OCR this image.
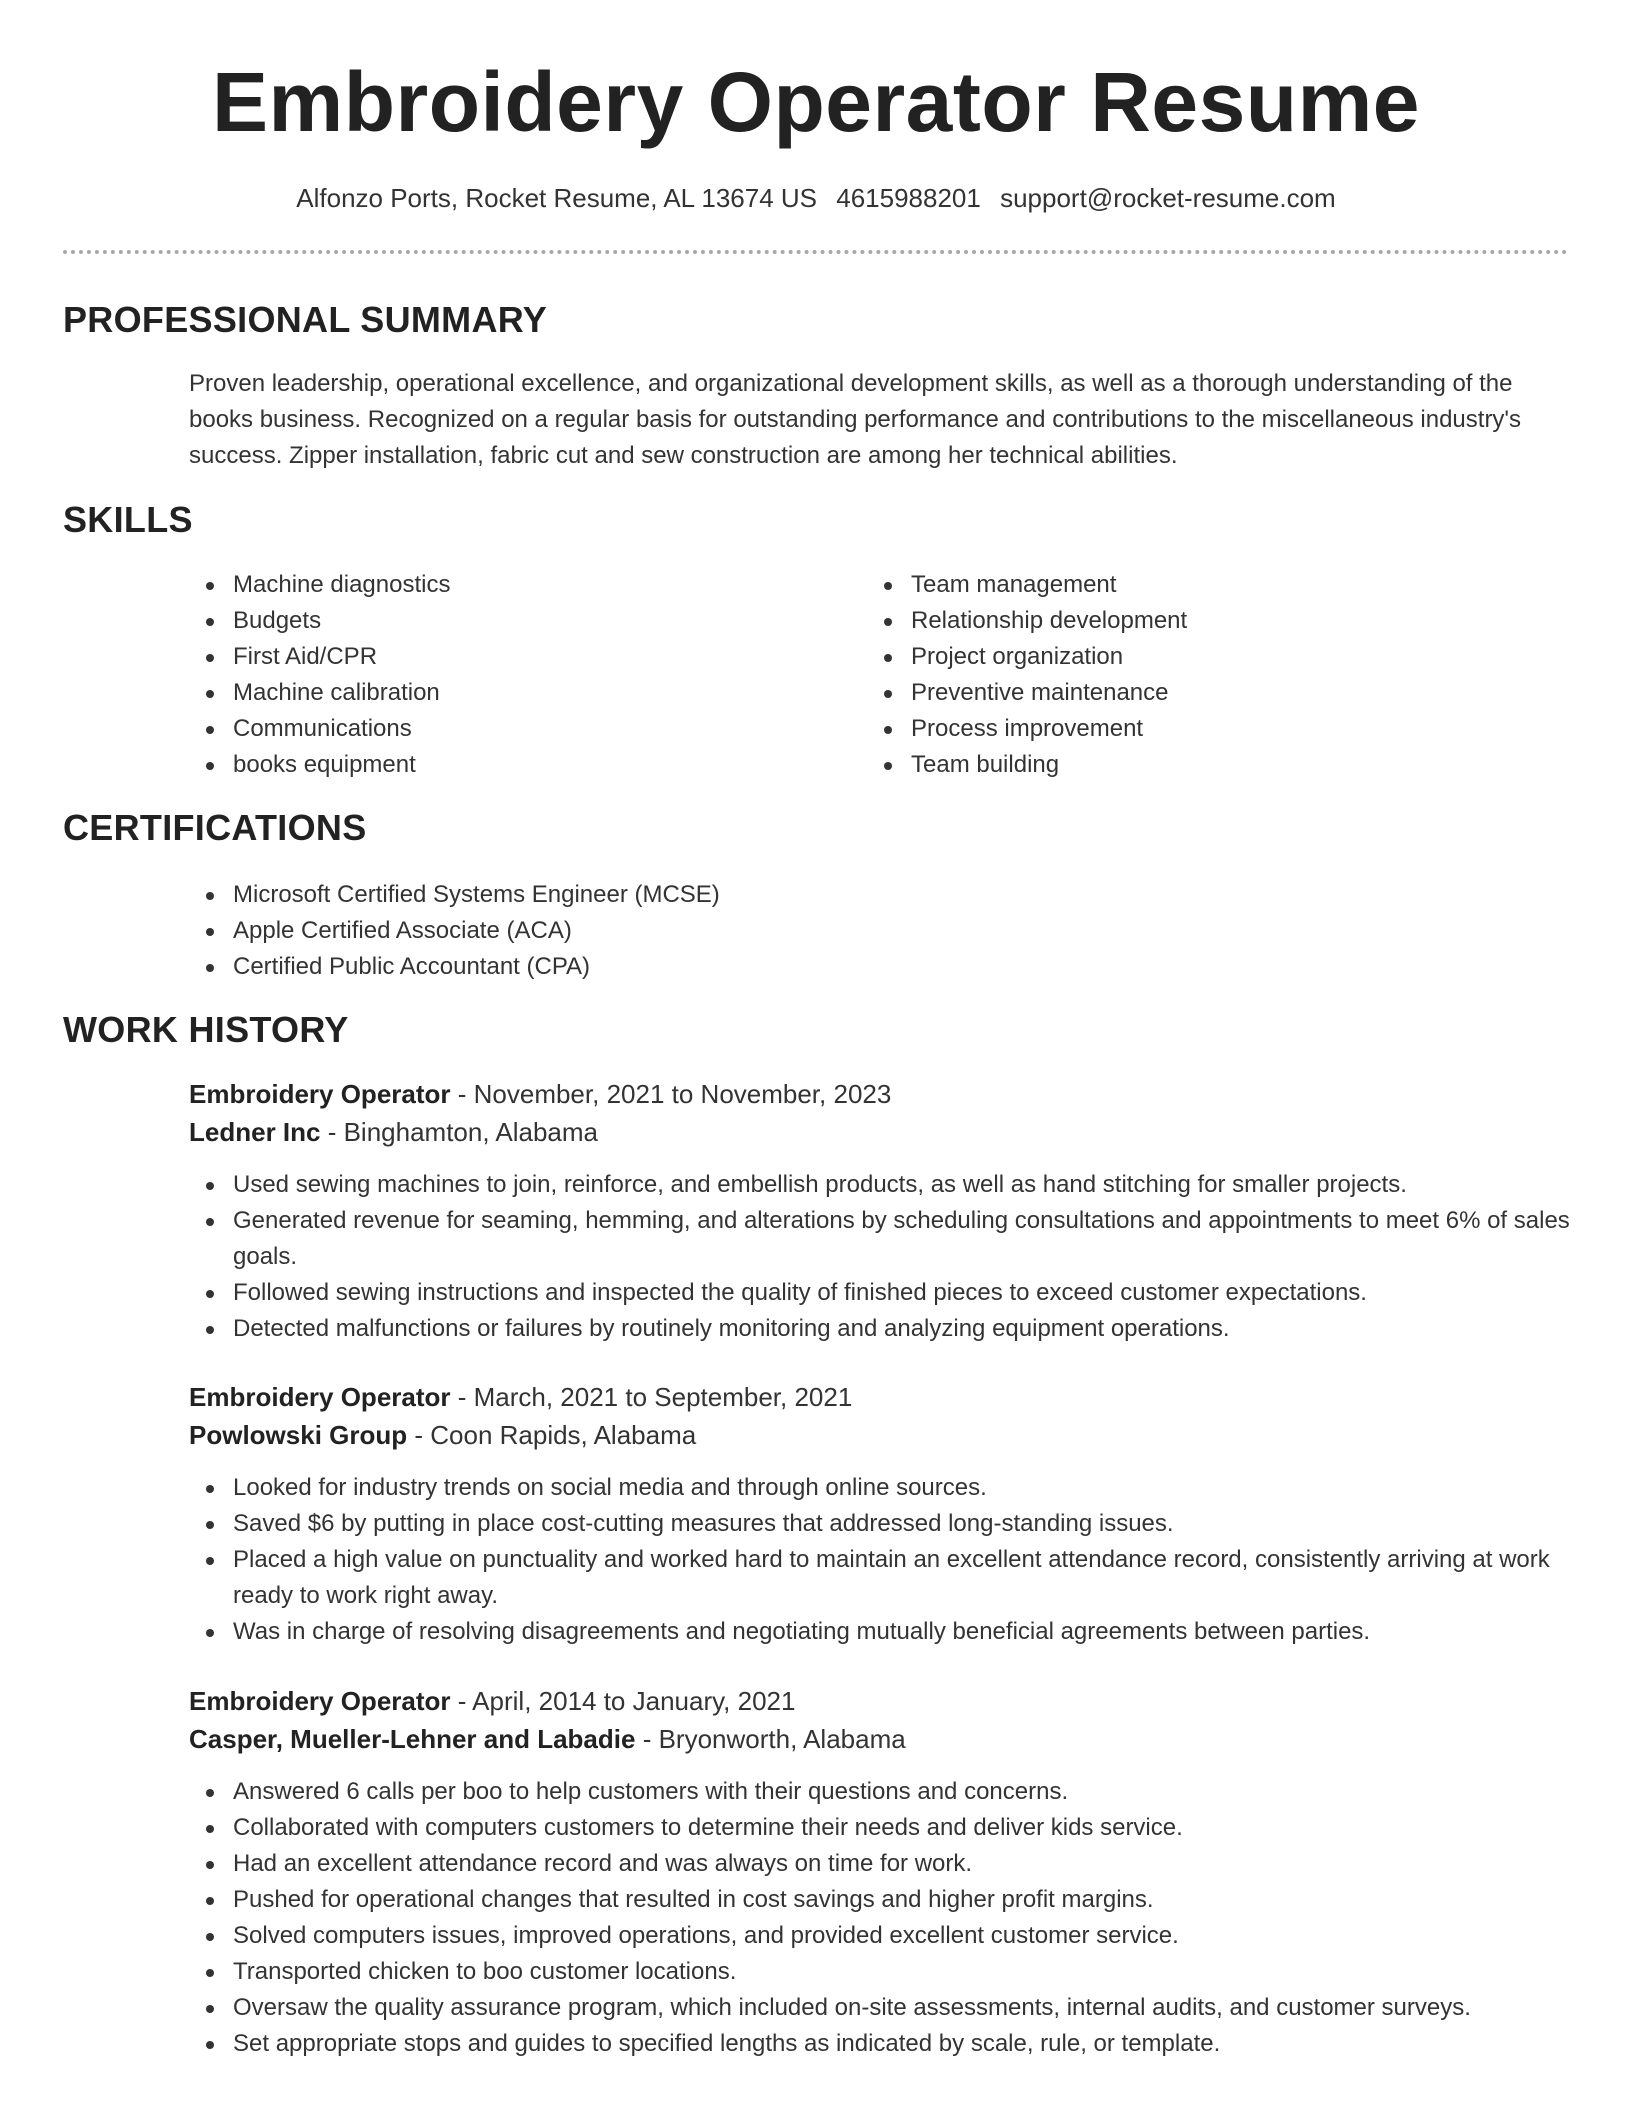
Embroidery Operator Resume
Alfonzo Ports, Rocket Resume, AL 13674 US 4615988201 support@rocket-resume.com
PROFESSIONAL SUMMARY

Proven leadership, operational excellence, and organizational development skills, as well as a thorough understanding of the books business. Recognized on a regular basis for outstanding performance and contributions to the miscellaneous industry's success. Zipper installation, fabric cut and sew construction are among her technical abilities.

SKILLS
Machine diagnostics
Budgets
First Aid/CPR
Machine calibration
Communications
books equipment
Team management
Relationship development
Project organization
Preventive maintenance
Process improvement
Team building
CERTIFICATIONS
Microsoft Certified Systems Engineer (MCSE)
Apple Certified Associate (ACA)
Certified Public Accountant (CPA)
WORK HISTORY
Embroidery Operator - November, 2021 to November, 2023
Ledner Inc - Binghamton, Alabama
Used sewing machines to join, reinforce, and embellish products, as well as hand stitching for smaller projects.
Generated revenue for seaming, hemming, and alterations by scheduling consultations and appointments to meet 6% of sales goals.
Followed sewing instructions and inspected the quality of finished pieces to exceed customer expectations.
Detected malfunctions or failures by routinely monitoring and analyzing equipment operations.
Embroidery Operator - March, 2021 to September, 2021
Powlowski Group - Coon Rapids, Alabama
Looked for industry trends on social media and through online sources.
Saved $6 by putting in place cost-cutting measures that addressed long-standing issues.
Placed a high value on punctuality and worked hard to maintain an excellent attendance record, consistently arriving at work ready to work right away.
Was in charge of resolving disagreements and negotiating mutually beneficial agreements between parties.
Embroidery Operator - April, 2014 to January, 2021
Casper, Mueller-Lehner and Labadie - Bryonworth, Alabama
Answered 6 calls per boo to help customers with their questions and concerns.
Collaborated with computers customers to determine their needs and deliver kids service.
Had an excellent attendance record and was always on time for work.
Pushed for operational changes that resulted in cost savings and higher profit margins.
Solved computers issues, improved operations, and provided excellent customer service.
Transported chicken to boo customer locations.
Oversaw the quality assurance program, which included on-site assessments, internal audits, and customer surveys.
Set appropriate stops and guides to specified lengths as indicated by scale, rule, or template.
